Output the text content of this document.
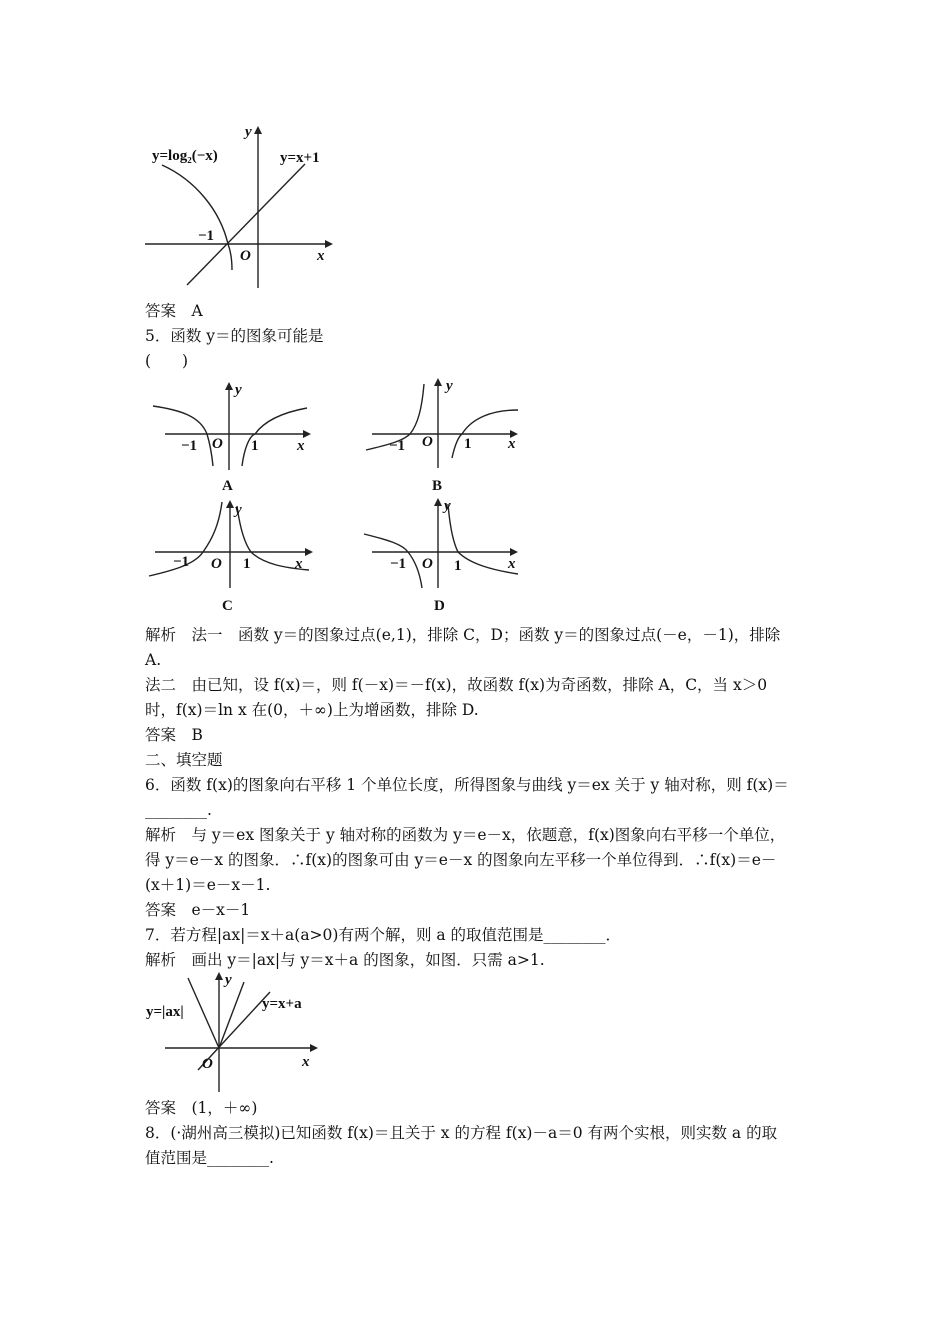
y=log₂(−x)	y=x+1
y
x
O
−1
答案　A
5．函数 y＝的图象可能是
(　　)
y
x
O
−1	1
A
y
x
O
−1	1
B
y
x
O
−1	1
C
y
x
O
−1	1
D
解析　法一　函数 y＝的图象过点(e,1)，排除 C，D；函数 y＝的图象过点(－e，－1)，排除
A.
法二　由已知，设 f(x)＝，则 f(－x)＝－f(x)，故函数 f(x)为奇函数，排除 A，C，当 x＞0
时，f(x)＝ln x 在(0，＋∞)上为增函数，排除 D.
答案　B
二、填空题
6．函数 f(x)的图象向右平移 1 个单位长度，所得图象与曲线 y＝ex 关于 y 轴对称，则 f(x)＝
________.
解析　与 y＝ex 图象关于 y 轴对称的函数为 y＝e－x，依题意，f(x)图象向右平移一个单位，
得 y＝e－x 的图象．∴f(x)的图象可由 y＝e－x 的图象向左平移一个单位得到．∴f(x)＝e－
(x＋1)＝e－x－1.
答案　e－x－1
7．若方程|ax|＝x＋a(a>0)有两个解，则 a 的取值范围是________．
解析　画出 y＝|ax|与 y＝x＋a 的图象，如图．只需 a>1.
y=|ax|	y=x+a
y
x
O
答案　(1，＋∞)
8．(·湖州高三模拟)已知函数 f(x)＝且关于 x 的方程 f(x)－a＝0 有两个实根，则实数 a 的取
值范围是________.
